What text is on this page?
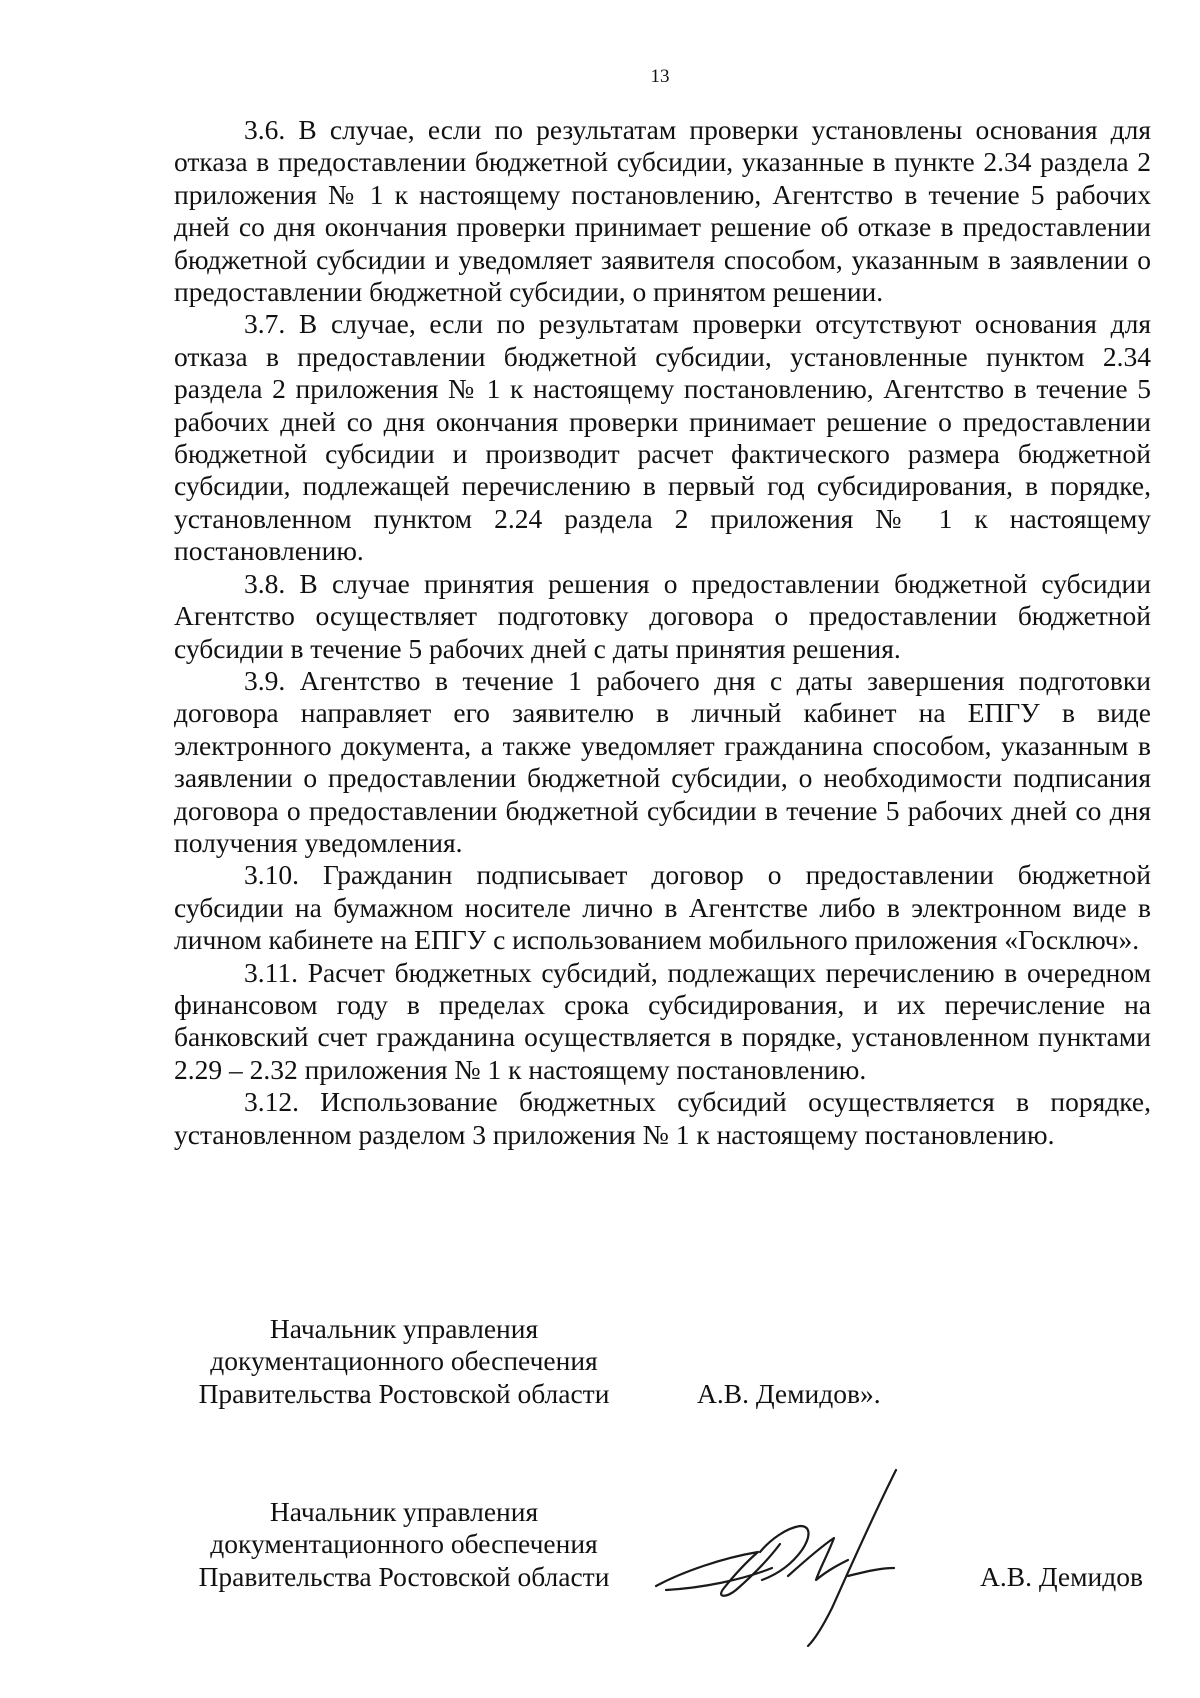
13

3.6. В случае, если по результатам проверки установлены основания для отказа в предоставлении бюджетной субсидии, указанные в пункте 2.34 раздела 2 приложения № 1 к настоящему постановлению, Агентство в течение 5 рабочих дней со дня окончания проверки принимает решение об отказе в предоставлении бюджетной субсидии и уведомляет заявителя способом, указанным в заявлении о предоставлении бюджетной субсидии, о принятом решении.

3.7. В случае, если по результатам проверки отсутствуют основания для отказа в предоставлении бюджетной субсидии, установленные пунктом 2.34 раздела 2 приложения № 1 к настоящему постановлению, Агентство в течение 5 рабочих дней со дня окончания проверки принимает решение о предоставлении бюджетной субсидии и производит расчет фактического размера бюджетной субсидии, подлежащей перечислению в первый год субсидирования, в порядке, установленном пунктом 2.24 раздела 2 приложения № 1 к настоящему постановлению.

3.8. В случае принятия решения о предоставлении бюджетной субсидии Агентство осуществляет подготовку договора о предоставлении бюджетной субсидии в течение 5 рабочих дней с даты принятия решения.

3.9. Агентство в течение 1 рабочего дня с даты завершения подготовки договора направляет его заявителю в личный кабинет на ЕПГУ в виде электронного документа, а также уведомляет гражданина способом, указанным в заявлении о предоставлении бюджетной субсидии, о необходимости подписания договора о предоставлении бюджетной субсидии в течение 5 рабочих дней со дня получения уведомления.

3.10. Гражданин подписывает договор о предоставлении бюджетной субсидии на бумажном носителе лично в Агентстве либо в электронном виде в личном кабинете на ЕПГУ с использованием мобильного приложения «Госключ».

3.11. Расчет бюджетных субсидий, подлежащих перечислению в очередном финансовом году в пределах срока субсидирования, и их перечисление на банковский счет гражданина осуществляется в порядке, установленном пунктами 2.29 – 2.32 приложения № 1 к настоящему постановлению.

3.12. Использование бюджетных субсидий осуществляется в порядке, установленном разделом 3 приложения № 1 к настоящему постановлению.

Начальник управления
документационного обеспечения
Правительства Ростовской области	А.В. Демидов».
Начальник управления
документационного обеспечения
Правительства Ростовской области	А.В. Демидов
